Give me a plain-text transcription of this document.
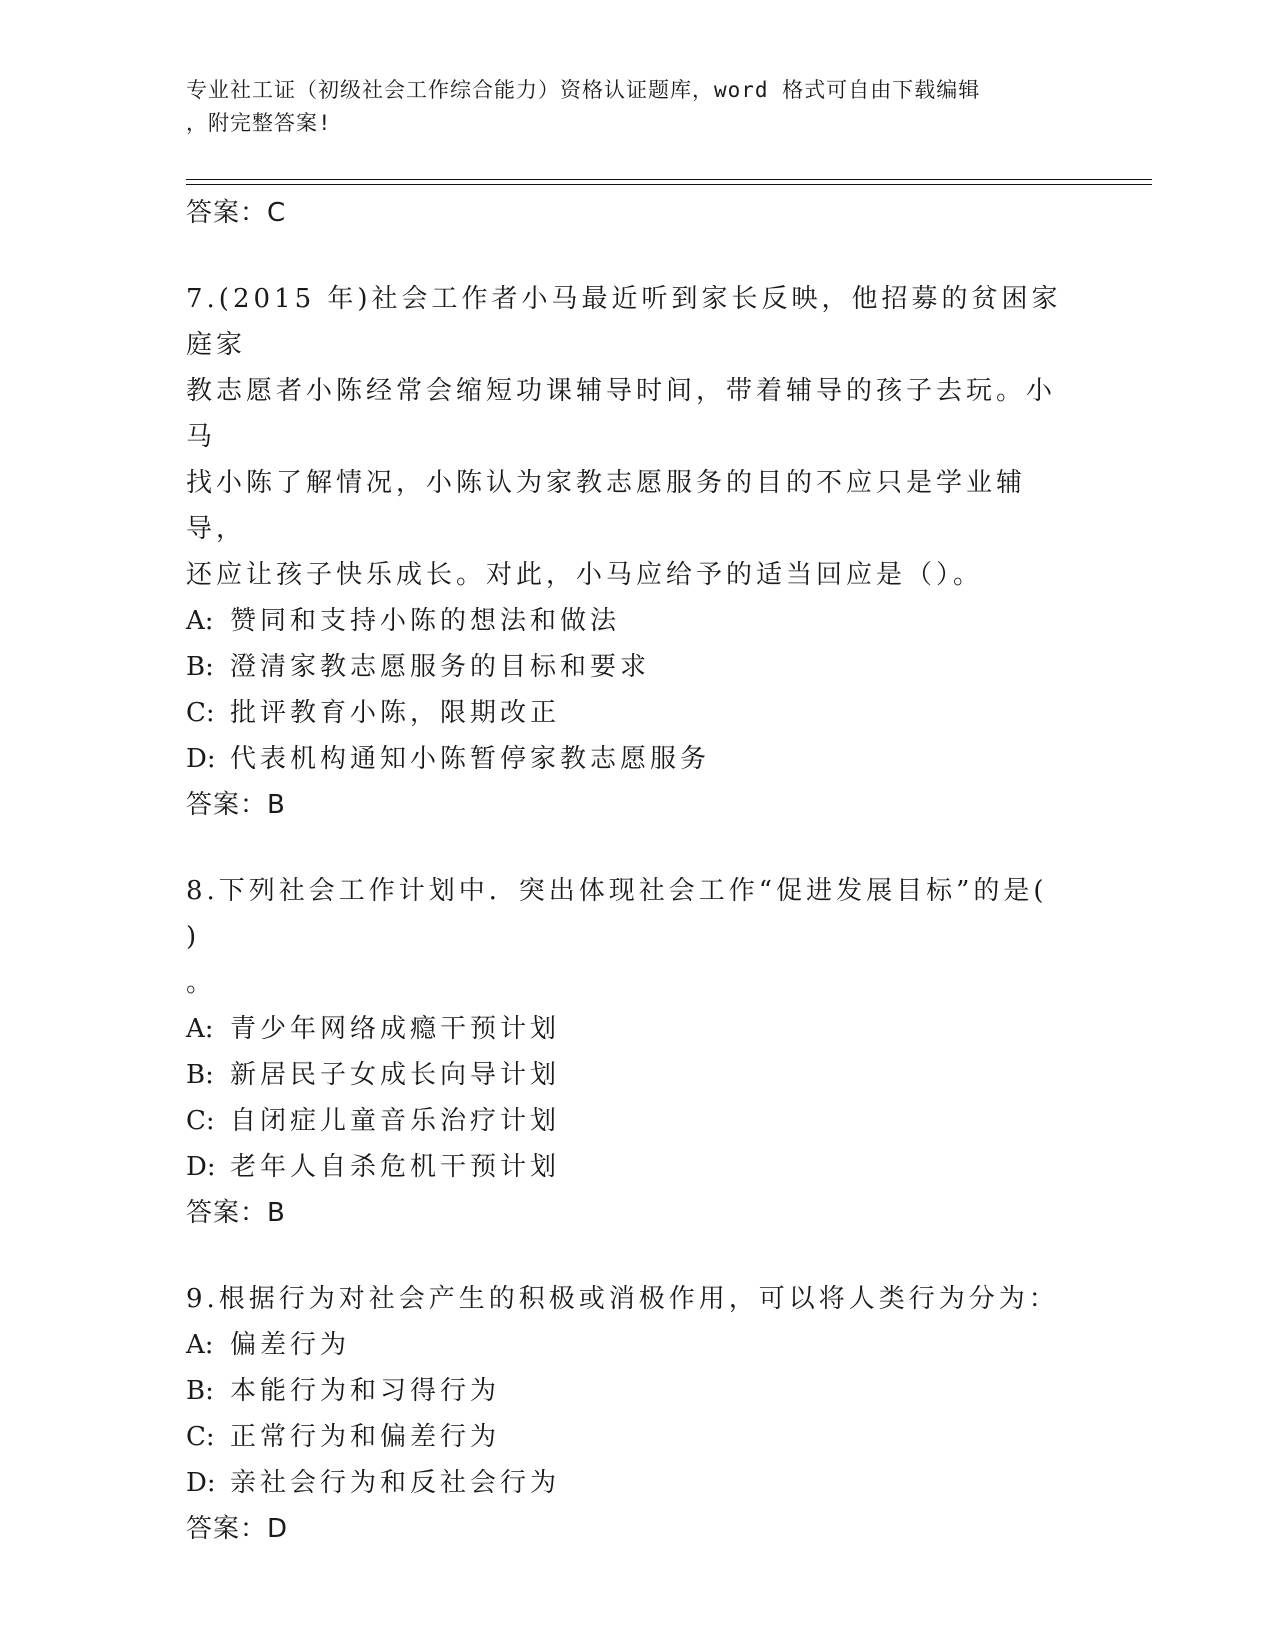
专业社工证（初级社会工作综合能力）资格认证题库，word 格式可自由下载编辑
，附完整答案!
答案：C
7.(2015 年)社会工作者小马最近听到家长反映，他招募的贫困家庭家
教志愿者小陈经常会缩短功课辅导时间，带着辅导的孩子去玩。小马
找小陈了解情况，小陈认为家教志愿服务的目的不应只是学业辅导，
还应让孩子快乐成长。对此，小马应给予的适当回应是（）。
A: 赞同和支持小陈的想法和做法
B: 澄清家教志愿服务的目标和要求
C: 批评教育小陈，限期改正
D: 代表机构通知小陈暂停家教志愿服务
答案：B
8.下列社会工作计划中．突出体现社会工作“促进发展目标”的是( )
。
A: 青少年网络成瘾干预计划
B: 新居民子女成长向导计划
C: 自闭症儿童音乐治疗计划
D: 老年人自杀危机干预计划
答案：B
9.根据行为对社会产生的积极或消极作用，可以将人类行为分为：
A: 偏差行为
B: 本能行为和习得行为
C: 正常行为和偏差行为
D: 亲社会行为和反社会行为
答案：D
